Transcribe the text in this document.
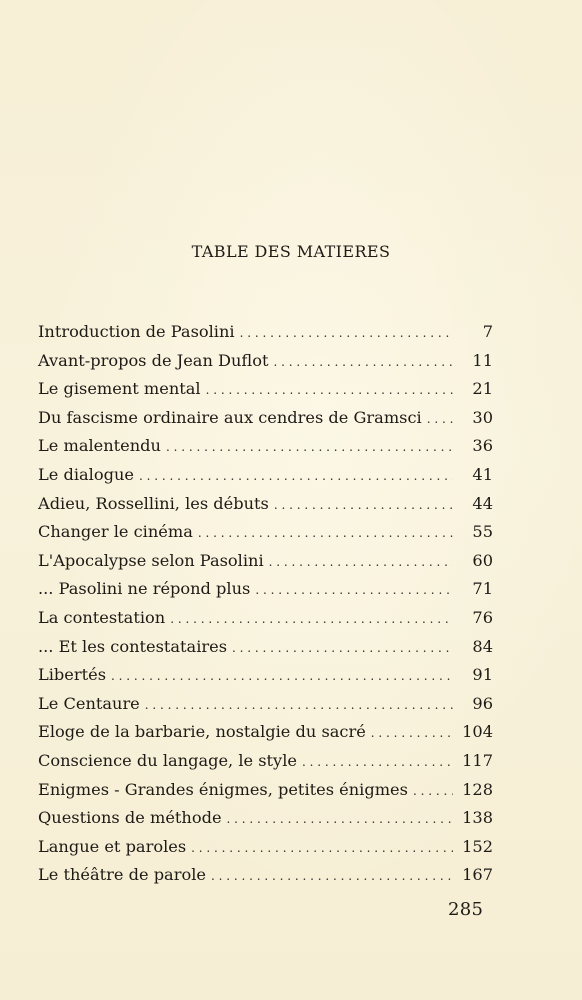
TABLE DES MATIERES
Introduction de Pasolini . . .	7
Avant-propos de Jean Duflot . . .	11
Le gisement mental . . .	21
Du fascisme ordinaire aux cendres de Gramsci . . .	30
Le malentendu . . .	36
Le dialogue . . .	41
Adieu, Rossellini, les débuts . . .	44
Changer le cinéma . . .	55
L'Apocalypse selon Pasolini . . .	60
... Pasolini ne répond plus . . .	71
La contestation . . .	76
... Et les contestataires . . .	84
Libertés . . .	91
Le Centaure . . .	96
Eloge de la barbarie, nostalgie du sacré . . .	104
Conscience du langage, le style . . .	117
Enigmes - Grandes énigmes, petites énigmes . . .	128
Questions de méthode . . .	138
Langue et paroles . . .	152
Le théâtre de parole . . .	167
285
